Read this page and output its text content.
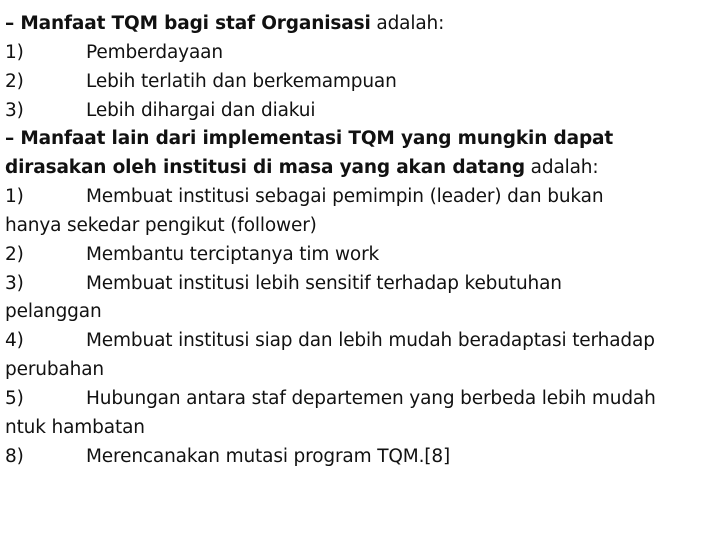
– Manfaat TQM bagi staf Organisasi adalah:
1)	Pemberdayaan
2)	Lebih terlatih dan berkemampuan
3)	Lebih dihargai dan diakui
– Manfaat lain dari implementasi TQM yang mungkin dapat
dirasakan oleh institusi di masa yang akan datang adalah:
1)	Membuat institusi sebagai pemimpin (leader) dan bukan
hanya sekedar pengikut (follower)
2)	Membantu terciptanya tim work
3)	Membuat institusi lebih sensitif terhadap kebutuhan
pelanggan
4)	Membuat institusi siap dan lebih mudah beradaptasi terhadap
perubahan
5)	Hubungan antara staf departemen yang berbeda lebih mudah
ntuk hambatan
8)	Merencanakan mutasi program TQM.[8]
